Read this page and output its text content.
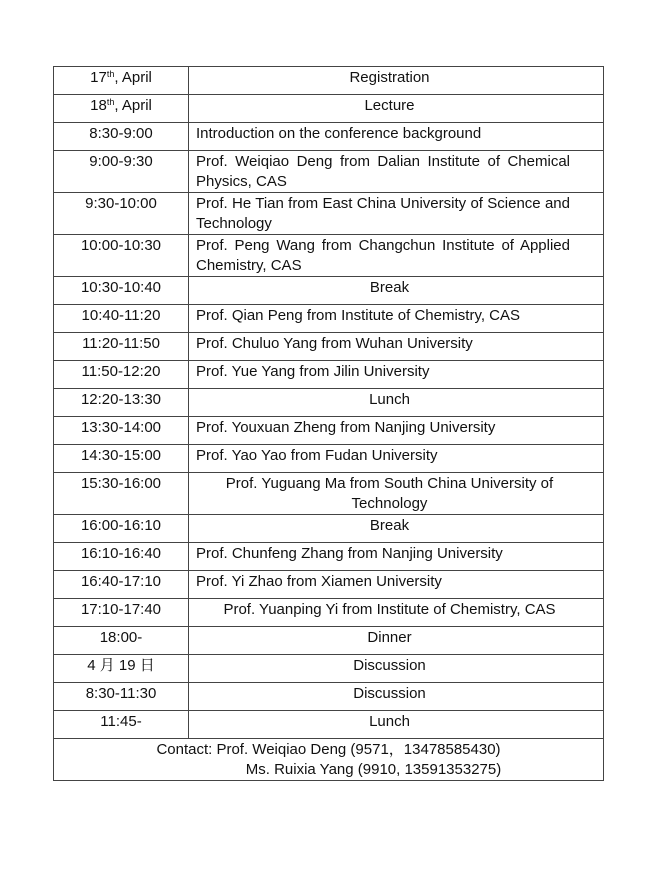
17th, April	Registration
18th, April	Lecture
8:30-9:00	Introduction on the conference background
9:00-9:30	Prof. Weiqiao Deng from Dalian Institute of Chemical Physics, CAS
9:30-10:00	Prof. He Tian from East China University of Science and Technology
10:00-10:30	Prof. Peng Wang from Changchun Institute of Applied Chemistry, CAS
10:30-10:40	Break
10:40-11:20	Prof. Qian Peng from Institute of Chemistry, CAS
11:20-11:50	Prof. Chuluo Yang from Wuhan University
11:50-12:20	Prof. Yue Yang from Jilin University
12:20-13:30	Lunch
13:30-14:00	Prof. Youxuan Zheng from Nanjing University
14:30-15:00	Prof. Yao Yao from Fudan University
15:30-16:00	Prof. Yuguang Ma from South China University of Technology
16:00-16:10	Break
16:10-16:40	Prof. Chunfeng Zhang from Nanjing University
16:40-17:10	Prof. Yi Zhao from Xiamen University
17:10-17:40	Prof. Yuanping Yi from Institute of Chemistry, CAS
18:00-	Dinner
4 月 19 日	Discussion
8:30-11:30	Discussion
11:45-	Lunch
Contact: Prof. Weiqiao Deng (9571，13478585430)
Ms. Ruixia Yang (9910, 13591353275)	
